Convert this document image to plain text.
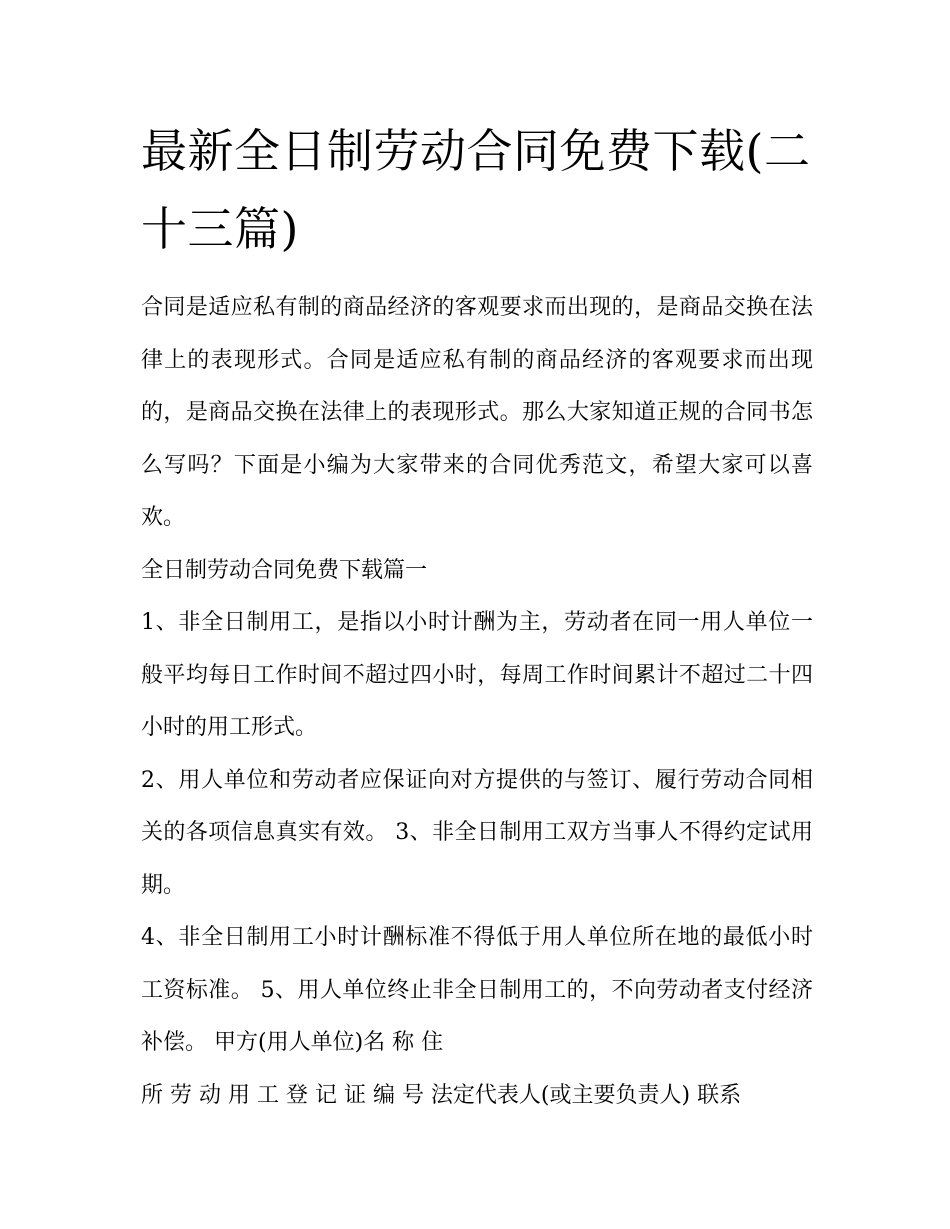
最新全日制劳动合同免费下载(二十三篇)

合同是适应私有制的商品经济的客观要求而出现的，是商品交换在法律上的表现形式。合同是适应私有制的商品经济的客观要求而出现的，是商品交换在法律上的表现形式。那么大家知道正规的合同书怎么写吗？下面是小编为大家带来的合同优秀范文，希望大家可以喜欢。

全日制劳动合同免费下载篇一

1、非全日制用工，是指以小时计酬为主，劳动者在同一用人单位一般平均每日工作时间不超过四小时，每周工作时间累计不超过二十四小时的用工形式。

2、用人单位和劳动者应保证向对方提供的与签订、履行劳动合同相关的各项信息真实有效。 3、非全日制用工双方当事人不得约定试用期。

4、非全日制用工小时计酬标准不得低于用人单位所在地的最低小时工资标准。 5、用人单位终止非全日制用工的，不向劳动者支付经济补偿。 甲方(用人单位)名 称 住

所 劳 动 用 工 登 记 证 编 号 法定代表人(或主要负责人) 联系
